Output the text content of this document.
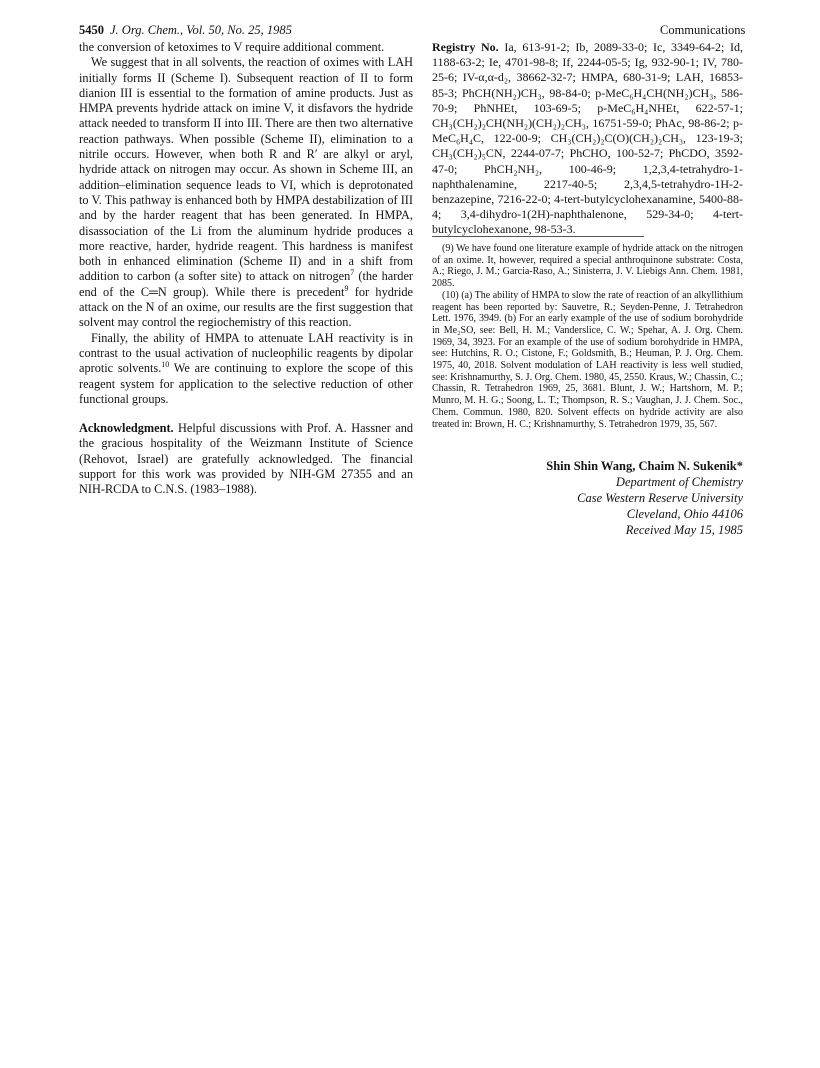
5450 J. Org. Chem., Vol. 50, No. 25, 1985	Communications

the conversion of ketoximes to V require additional comment.

We suggest that in all solvents, the reaction of oximes with LAH initially forms II (Scheme I). Subsequent reaction of II to form dianion III is essential to the formation of amine products. Just as HMPA prevents hydride attack on imine V, it disfavors the hydride attack needed to transform II into III. There are then two alternative reaction pathways. When possible (Scheme II), elimination to a nitrile occurs. However, when both R and R′ are alkyl or aryl, hydride attack on nitrogen may occur. As shown in Scheme III, an addition–elimination sequence leads to VI, which is deprotonated to V. This pathway is enhanced both by HMPA destabilization of III and by the harder reagent that has been generated. In HMPA, disassociation of the Li from the aluminum hydride produces a more reactive, harder, hydride reagent. This hardness is manifest both in enhanced elimination (Scheme II) and in a shift from addition to carbon (a softer site) to attack on nitrogen$^7$ (the harder end of the C═N group). While there is precedent$^9$ for hydride attack on the N of an oxime, our results are the first suggestion that solvent may control the regiochemistry of this reaction.

Finally, the ability of HMPA to attenuate LAH reactivity is in contrast to the usual activation of nucleophilic reagents by dipolar aprotic solvents.$^{10}$ We are continuing to explore the scope of this reagent system for application to the selective reduction of other functional groups.

Acknowledgment. Helpful discussions with Prof. A. Hassner and the gracious hospitality of the Weizmann Institute of Science (Rehovot, Israel) are gratefully acknowledged. The financial support for this work was provided by NIH-GM 27355 and an NIH-RCDA to C.N.S. (1983–1988).

Registry No. Ia, 613-91-2; Ib, 2089-33-0; Ic, 3349-64-2; Id, 1188-63-2; Ie, 4701-98-8; If, 2244-05-5; Ig, 932-90-1; IV, 780-25-6; IV-α,α-d₂, 38662-32-7; HMPA, 680-31-9; LAH, 16853-85-3; PhCH(NH₂)CH₃, 98-84-0; p-MeC₆H₄CH(NH₂)CH₃, 586-70-9; PhNHEt, 103-69-5; p-MeC₆H₄NHEt, 622-57-1; CH₃(CH₂)₂CH(NH₂)(CH₂)₂CH₃, 16751-59-0; PhAc, 98-86-2; p-MeC₆H₄C, 122-00-9; CH₃(CH₂)₂C(O)(CH₂)₂CH₃, 123-19-3; CH₃(CH₂)₅CN, 2244-07-7; PhCHO, 100-52-7; PhCDO, 3592-47-0; PhCH₂NH₂, 100-46-9; 1,2,3,4-tetrahydro-1-naphthalenamine, 2217-40-5; 2,3,4,5-tetrahydro-1H-2-benzazepine, 7216-22-0; 4-tert-butylcyclohexanamine, 5400-88-4; 3,4-dihydro-1(2H)-naphthalenone, 529-34-0; 4-tert-butylcyclohexanone, 98-53-3.

(9) We have found one literature example of hydride attack on the nitrogen of an oxime. It, however, required a special anthroquinone substrate: Costa, A.; Riego, J. M.; Garcia-Raso, A.; Sinisterra, J. V. Liebigs Ann. Chem. 1981, 2085.

(10) (a) The ability of HMPA to slow the rate of reaction of an alkyllithium reagent has been reported by: Sauvetre, R.; Seyden-Penne, J. Tetrahedron Lett. 1976, 3949. (b) For an early example of the use of sodium borohydride in Me₂SO, see: Bell, H. M.; Vanderslice, C. W.; Spehar, A. J. Org. Chem. 1969, 34, 3923. For an example of the use of sodium borohydride in HMPA, see: Hutchins, R. O.; Cistone, F.; Goldsmith, B.; Heuman, P. J. Org. Chem. 1975, 40, 2018. Solvent modulation of LAH reactivity is less well studied, see: Krishnamurthy, S. J. Org. Chem. 1980, 45, 2550. Kraus, W.; Chassin, C.; Chassin, R. Tetrahedron 1969, 25, 3681. Blunt, J. W.; Hartshorn, M. P.; Munro, M. H. G.; Soong, L. T.; Thompson, R. S.; Vaughan, J. J. Chem. Soc., Chem. Commun. 1980, 820. Solvent effects on hydride activity are also treated in: Brown, H. C.; Krishnamurthy, S. Tetrahedron 1979, 35, 567.

Shin Shin Wang, Chaim N. Sukenik*
Department of Chemistry
Case Western Reserve University
Cleveland, Ohio 44106
Received May 15, 1985
